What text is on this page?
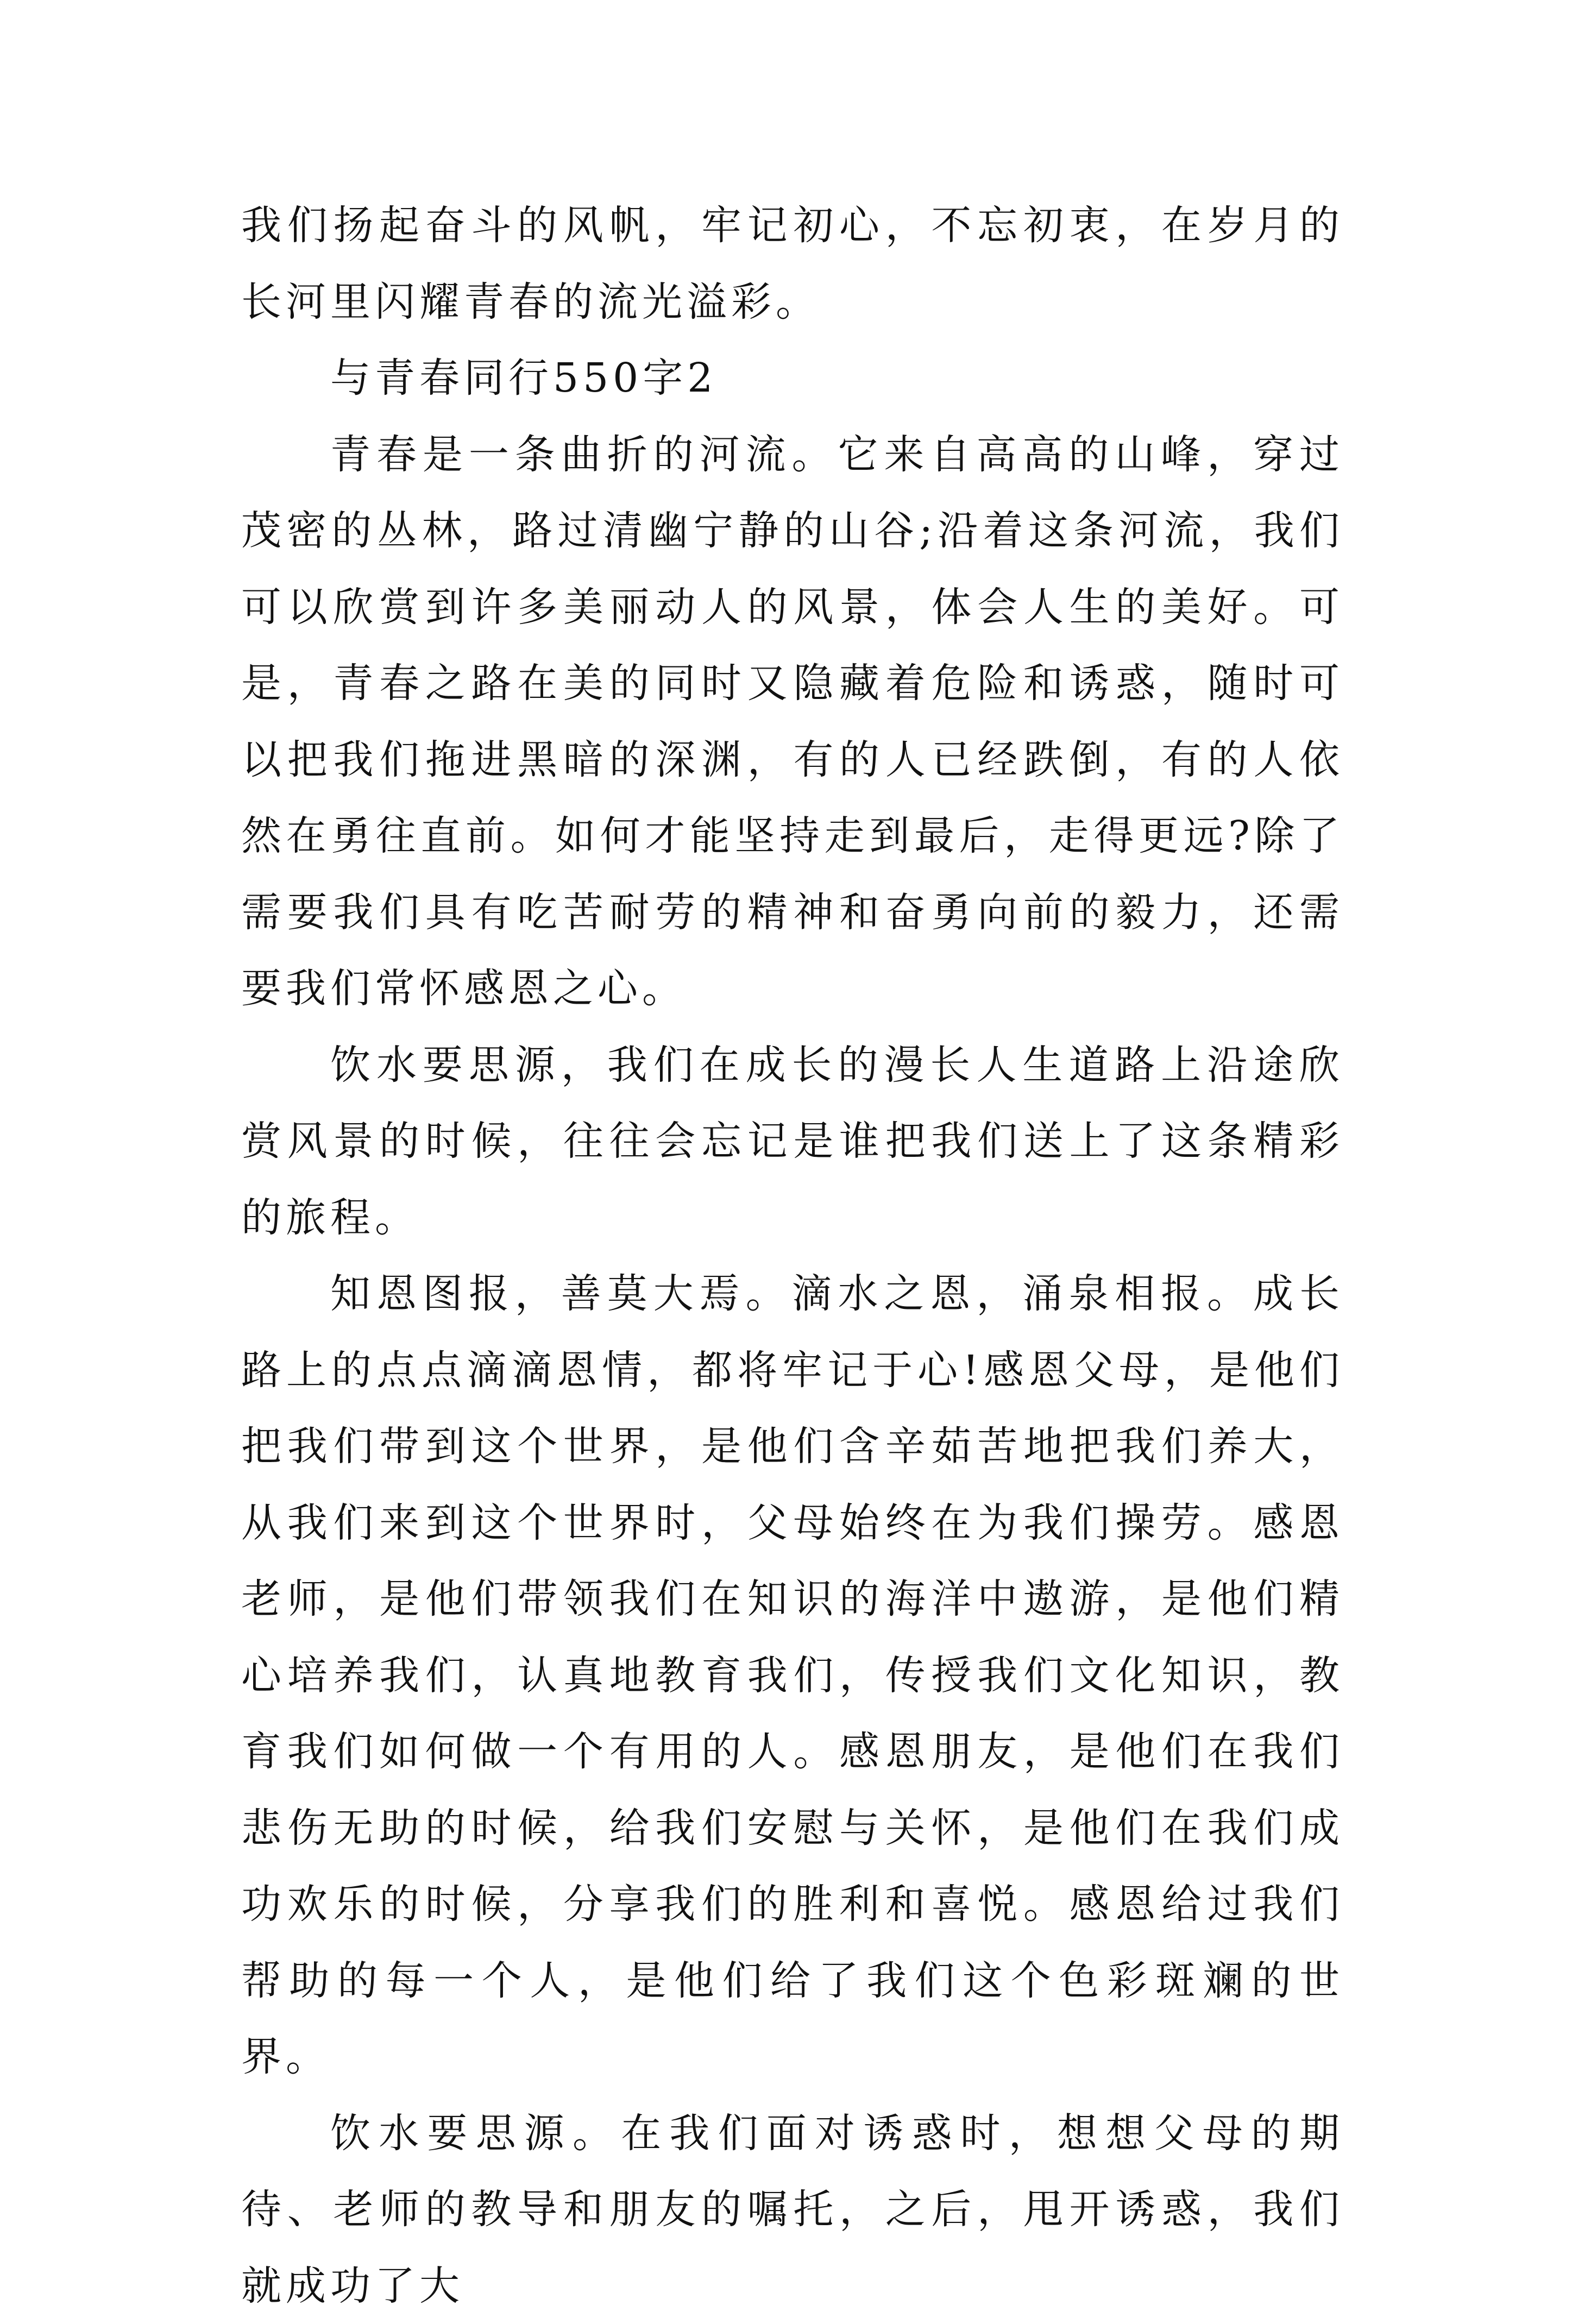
我们扬起奋斗的风帆，牢记初心，不忘初衷，在岁月的长河里闪耀青春的流光溢彩。

与青春同行550字2

青春是一条曲折的河流。它来自高高的山峰，穿过茂密的丛林，路过清幽宁静的山谷;沿着这条河流，我们可以欣赏到许多美丽动人的风景，体会人生的美好。可是，青春之路在美的同时又隐藏着危险和诱惑，随时可以把我们拖进黑暗的深渊，有的人已经跌倒，有的人依然在勇往直前。如何才能坚持走到最后，走得更远?除了需要我们具有吃苦耐劳的精神和奋勇向前的毅力，还需要我们常怀感恩之心。

饮水要思源，我们在成长的漫长人生道路上沿途欣赏风景的时候，往往会忘记是谁把我们送上了这条精彩的旅程。

知恩图报，善莫大焉。滴水之恩，涌泉相报。成长路上的点点滴滴恩情，都将牢记于心!感恩父母，是他们把我们带到这个世界，是他们含辛茹苦地把我们养大，从我们来到这个世界时，父母始终在为我们操劳。感恩老师，是他们带领我们在知识的海洋中遨游，是他们精心培养我们，认真地教育我们，传授我们文化知识，教育我们如何做一个有用的人。感恩朋友，是他们在我们悲伤无助的时候，给我们安慰与关怀，是他们在我们成功欢乐的时候，分享我们的胜利和喜悦。感恩给过我们帮助的每一个人，是他们给了我们这个色彩斑斓的世界。

饮水要思源。在我们面对诱惑时，想想父母的期待、老师的教导和朋友的嘱托，之后，甩开诱惑，我们就成功了大
